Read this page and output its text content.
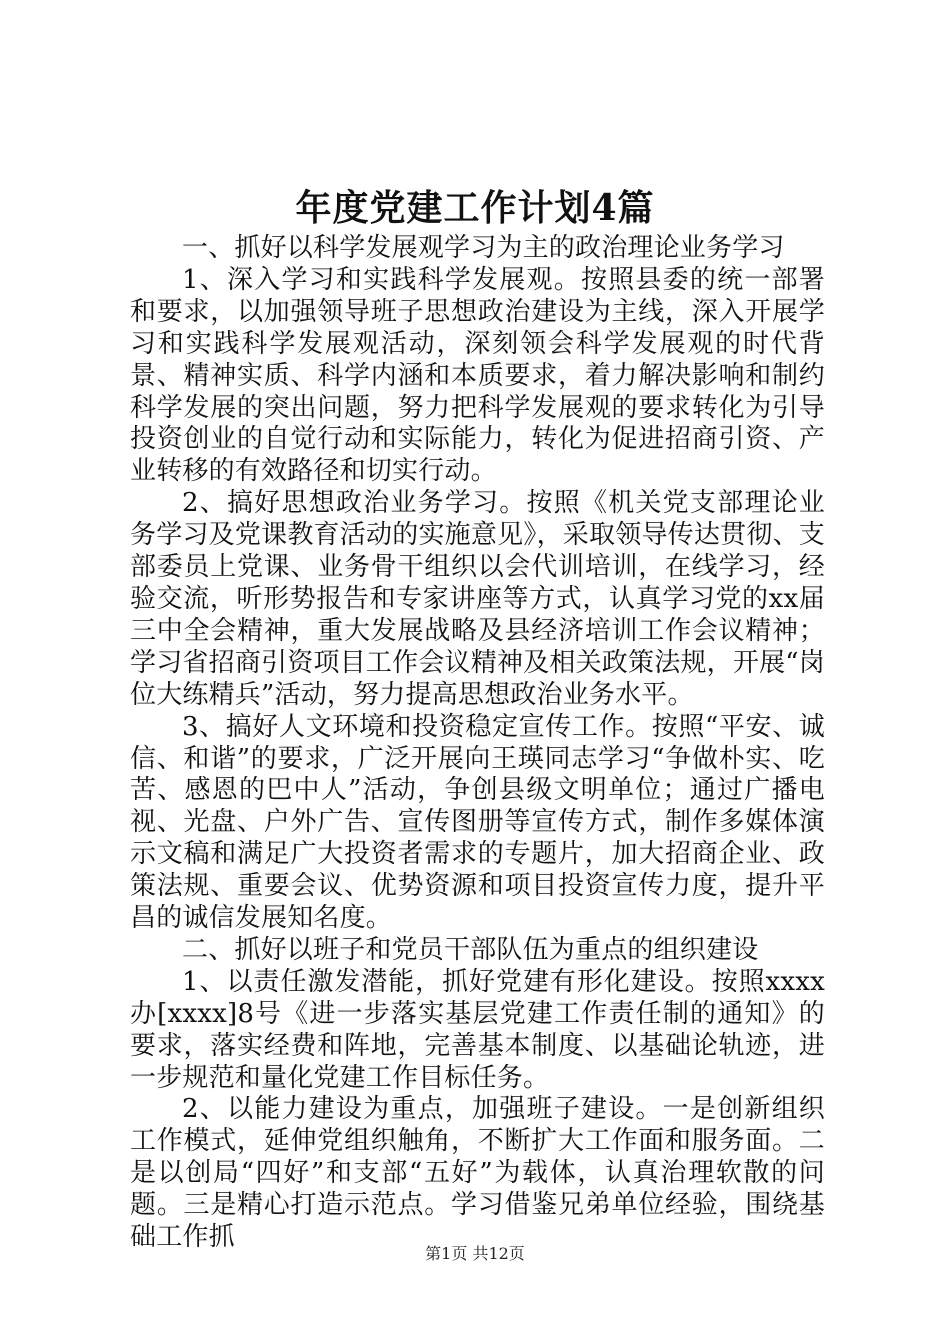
年度党建工作计划4篇

一、抓好以科学发展观学习为主的政治理论业务学习

1、深入学习和实践科学发展观。按照县委的统一部署和要求，以加强领导班子思想政治建设为主线，深入开展学习和实践科学发展观活动，深刻领会科学发展观的时代背景、精神实质、科学内涵和本质要求，着力解决影响和制约科学发展的突出问题，努力把科学发展观的要求转化为引导投资创业的自觉行动和实际能力，转化为促进招商引资、产业转移的有效路径和切实行动。

2、搞好思想政治业务学习。按照《机关党支部理论业务学习及党课教育活动的实施意见》，采取领导传达贯彻、支部委员上党课、业务骨干组织以会代训培训，在线学习，经验交流，听形势报告和专家讲座等方式，认真学习党的xx届三中全会精神，重大发展战略及县经济培训工作会议精神；学习省招商引资项目工作会议精神及相关政策法规，开展“岗位大练精兵”活动，努力提高思想政治业务水平。

3、搞好人文环境和投资稳定宣传工作。按照“平安、诚信、和谐”的要求，广泛开展向王瑛同志学习“争做朴实、吃苦、感恩的巴中人”活动，争创县级文明单位；通过广播电视、光盘、户外广告、宣传图册等宣传方式，制作多媒体演示文稿和满足广大投资者需求的专题片，加大招商企业、政策法规、重要会议、优势资源和项目投资宣传力度，提升平昌的诚信发展知名度。

二、抓好以班子和党员干部队伍为重点的组织建设

1、以责任激发潜能，抓好党建有形化建设。按照xxxx办[xxxx]8号《进一步落实基层党建工作责任制的通知》的要求，落实经费和阵地，完善基本制度、以基础论轨迹，进一步规范和量化党建工作目标任务。

2、以能力建设为重点，加强班子建设。一是创新组织工作模式，延伸党组织触角，不断扩大工作面和服务面。二是以创局“四好”和支部“五好”为载体，认真治理软散的问题。三是精心打造示范点。学习借鉴兄弟单位经验，围绕基础工作抓

第1页 共12页
